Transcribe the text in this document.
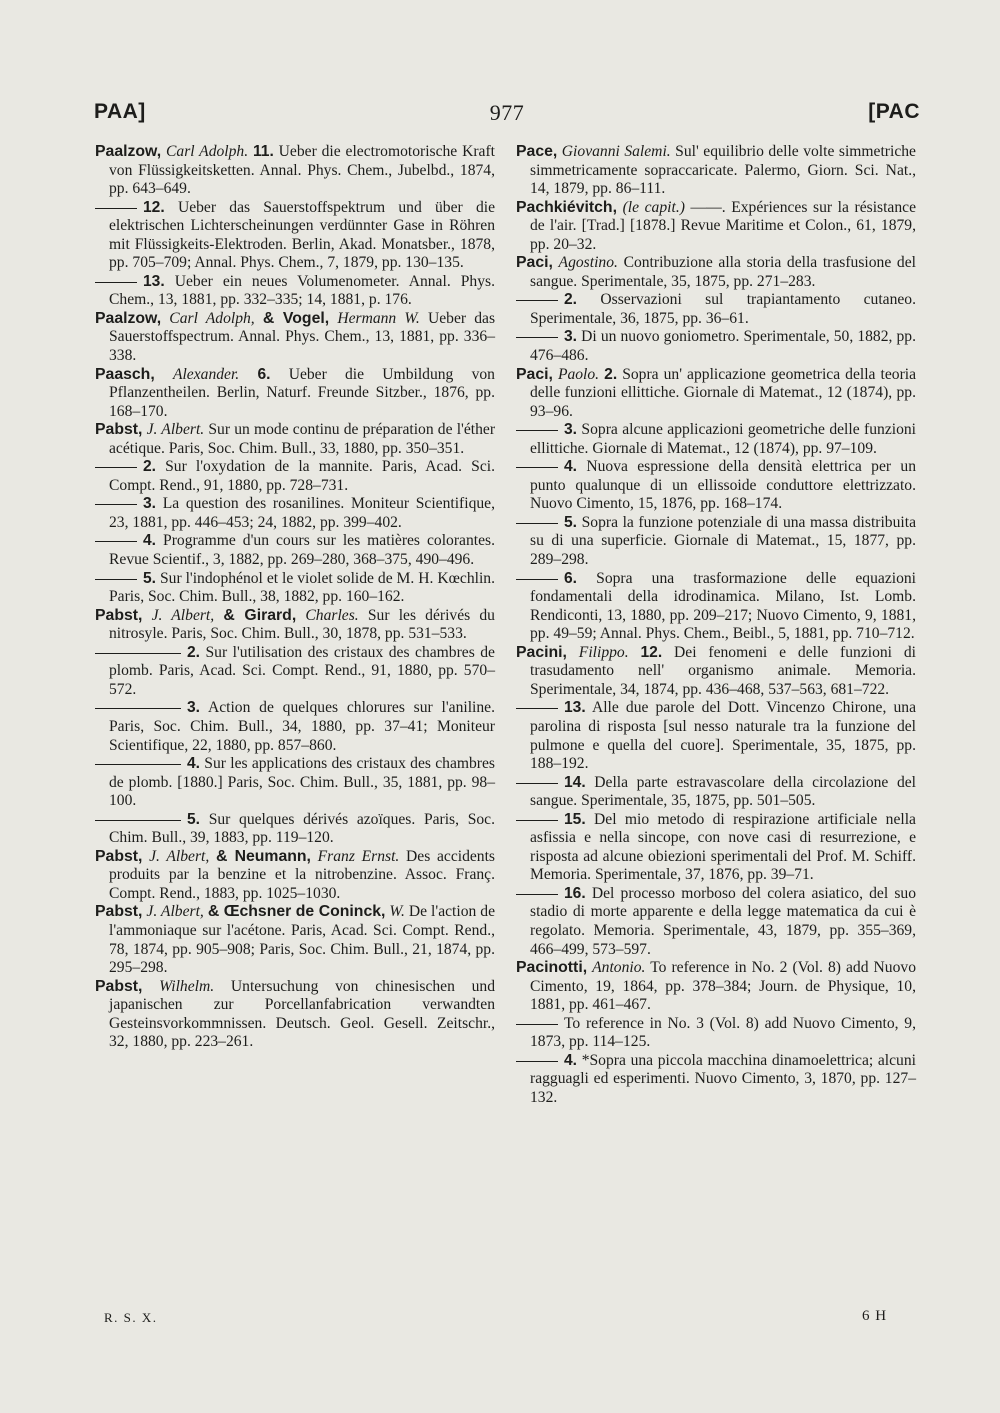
PAA]	977	[PAC

Paalzow, Carl Adolph. 11. Ueber die electromotorische Kraft von Flüssigkeitsketten. Annal. Phys. Chem., Jubelbd., 1874, pp. 643–649.

12. Ueber das Sauerstoffspektrum und über die elektrischen Lichterscheinungen verdünnter Gase in Röhren mit Flüssigkeits-Elektroden. Berlin, Akad. Monatsber., 1878, pp. 705–709; Annal. Phys. Chem., 7, 1879, pp. 130–135.

13. Ueber ein neues Volumenometer. Annal. Phys. Chem., 13, 1881, pp. 332–335; 14, 1881, p. 176.

Paalzow, Carl Adolph, & Vogel, Hermann W. Ueber das Sauerstoffspectrum. Annal. Phys. Chem., 13, 1881, pp. 336–338.

Paasch, Alexander. 6. Ueber die Umbildung von Pflanzentheilen. Berlin, Naturf. Freunde Sitzber., 1876, pp. 168–170.

Pabst, J. Albert. Sur un mode continu de préparation de l'éther acétique. Paris, Soc. Chim. Bull., 33, 1880, pp. 350–351.

2. Sur l'oxydation de la mannite. Paris, Acad. Sci. Compt. Rend., 91, 1880, pp. 728–731.

3. La question des rosanilines. Moniteur Scientifique, 23, 1881, pp. 446–453; 24, 1882, pp. 399–402.

4. Programme d'un cours sur les matières colorantes. Revue Scientif., 3, 1882, pp. 269–280, 368–375, 490–496.

5. Sur l'indophénol et le violet solide de M. H. Kœchlin. Paris, Soc. Chim. Bull., 38, 1882, pp. 160–162.

Pabst, J. Albert, & Girard, Charles. Sur les dérivés du nitrosyle. Paris, Soc. Chim. Bull., 30, 1878, pp. 531–533.

2. Sur l'utilisation des cristaux des chambres de plomb. Paris, Acad. Sci. Compt. Rend., 91, 1880, pp. 570–572.

3. Action de quelques chlorures sur l'aniline. Paris, Soc. Chim. Bull., 34, 1880, pp. 37–41; Moniteur Scientifique, 22, 1880, pp. 857–860.

4. Sur les applications des cristaux des chambres de plomb. [1880.] Paris, Soc. Chim. Bull., 35, 1881, pp. 98–100.

5. Sur quelques dérivés azoïques. Paris, Soc. Chim. Bull., 39, 1883, pp. 119–120.

Pabst, J. Albert, & Neumann, Franz Ernst. Des accidents produits par la benzine et la nitrobenzine. Assoc. Franç. Compt. Rend., 1883, pp. 1025–1030.

Pabst, J. Albert, & Œchsner de Coninck, W. De l'action de l'ammoniaque sur l'acétone. Paris, Acad. Sci. Compt. Rend., 78, 1874, pp. 905–908; Paris, Soc. Chim. Bull., 21, 1874, pp. 295–298.

Pabst, Wilhelm. Untersuchung von chinesischen und japanischen zur Porcellanfabrication verwandten Gesteinsvorkommnissen. Deutsch. Geol. Gesell. Zeitschr., 32, 1880, pp. 223–261.

Pace, Giovanni Salemi. Sul' equilibrio delle volte simmetriche simmetricamente sopraccaricate. Palermo, Giorn. Sci. Nat., 14, 1879, pp. 86–111.

Pachkiévitch, (le capit.) ——. Expériences sur la résistance de l'air. [Trad.] [1878.] Revue Maritime et Colon., 61, 1879, pp. 20–32.

Paci, Agostino. Contribuzione alla storia della trasfusione del sangue. Sperimentale, 35, 1875, pp. 271–283.

2. Osservazioni sul trapiantamento cutaneo. Sperimentale, 36, 1875, pp. 36–61.

3. Di un nuovo goniometro. Sperimentale, 50, 1882, pp. 476–486.

Paci, Paolo. 2. Sopra un' applicazione geometrica della teoria delle funzioni ellittiche. Giornale di Matemat., 12 (1874), pp. 93–96.

3. Sopra alcune applicazioni geometriche delle funzioni ellittiche. Giornale di Matemat., 12 (1874), pp. 97–109.

4. Nuova espressione della densità elettrica per un punto qualunque di un ellissoide conduttore elettrizzato. Nuovo Cimento, 15, 1876, pp. 168–174.

5. Sopra la funzione potenziale di una massa distribuita su di una superficie. Giornale di Matemat., 15, 1877, pp. 289–298.

6. Sopra una trasformazione delle equazioni fondamentali della idrodinamica. Milano, Ist. Lomb. Rendiconti, 13, 1880, pp. 209–217; Nuovo Cimento, 9, 1881, pp. 49–59; Annal. Phys. Chem., Beibl., 5, 1881, pp. 710–712.

Pacini, Filippo. 12. Dei fenomeni e delle funzioni di trasudamento nell' organismo animale. Memoria. Sperimentale, 34, 1874, pp. 436–468, 537–563, 681–722.

13. Alle due parole del Dott. Vincenzo Chirone, una parolina di risposta [sul nesso naturale tra la funzione del pulmone e quella del cuore]. Sperimentale, 35, 1875, pp. 188–192.

14. Della parte estravascolare della circolazione del sangue. Sperimentale, 35, 1875, pp. 501–505.

15. Del mio metodo di respirazione artificiale nella asfissia e nella sincope, con nove casi di resurrezione, e risposta ad alcune obiezioni sperimentali del Prof. M. Schiff. Memoria. Sperimentale, 37, 1876, pp. 39–71.

16. Del processo morboso del colera asiatico, del suo stadio di morte apparente e della legge matematica da cui è regolato. Memoria. Sperimentale, 43, 1879, pp. 355–369, 466–499, 573–597.

Pacinotti, Antonio. To reference in No. 2 (Vol. 8) add Nuovo Cimento, 19, 1864, pp. 378–384; Journ. de Physique, 10, 1881, pp. 461–467.

To reference in No. 3 (Vol. 8) add Nuovo Cimento, 9, 1873, pp. 114–125.

4. *Sopra una piccola macchina dinamoelettrica; alcuni ragguagli ed esperimenti. Nuovo Cimento, 3, 1870, pp. 127–132.

R. S. X.	6 H
